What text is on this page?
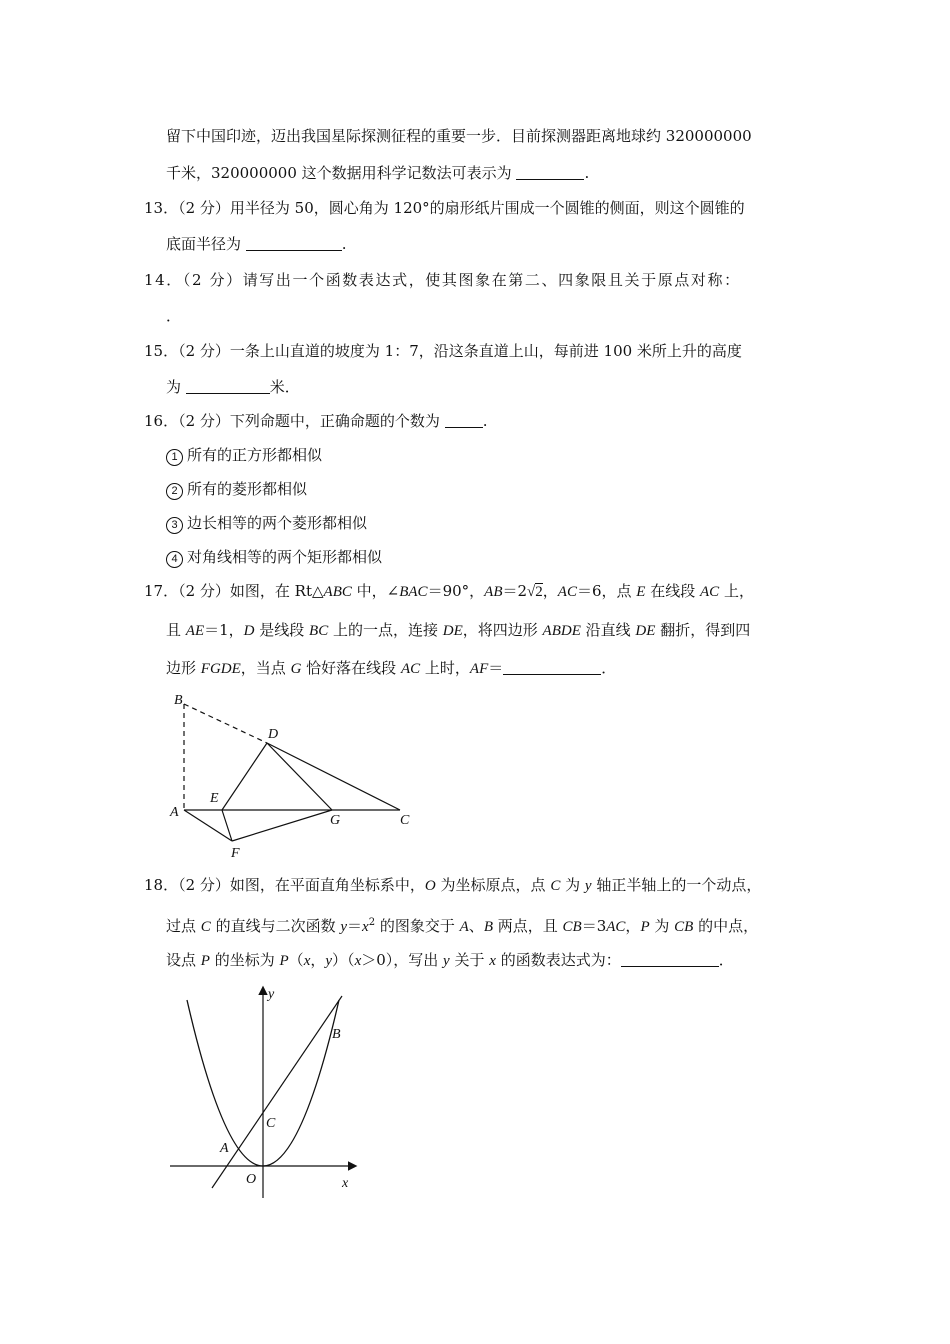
留下中国印迹，迈出我国星际探测征程的重要一步．目前探测器距离地球约 320000000
千米，320000000 这个数据用科学记数法可表示为	.
13．（2 分）用半径为 50，圆心角为 120°的扇形纸片围成一个圆锥的侧面，则这个圆锥的
底面半径为	.
14．（2 分）请写出一个函数表达式，使其图象在第二、四象限且关于原点对称：
．
15．（2 分）一条上山直道的坡度为 1：7，沿这条直道上山，每前进 100 米所上升的高度
为	米．
16．（2 分）下列命题中，正确命题的个数为	.
1 所有的正方形都相似
2 所有的菱形都相似
3 边长相等的两个菱形都相似
4 对角线相等的两个矩形都相似
17．（2 分）如图，在 Rt△ABC 中，∠BAC＝90°，AB＝2√2，AC＝6，点 E 在线段 AC 上，
且 AE＝1，D 是线段 BC 上的一点，连接 DE，将四边形 ABDE 沿直线 DE 翻折，得到四
边形 FGDE，当点 G 恰好落在线段 AC 上时，AF＝	．
B
D
E
A
G	C
F
18．（2 分）如图，在平面直角坐标系中，O 为坐标原点，点 C 为 y 轴正半轴上的一个动点，
过点 C 的直线与二次函数 $y=x^2$ 的图象交于 A、B 两点，且 CB＝3AC，P 为 CB 的中点，
设点 P 的坐标为 P（x，y）（x＞0），写出 y 关于 x 的函数表达式为：	．
y
B
C
A
O	x
